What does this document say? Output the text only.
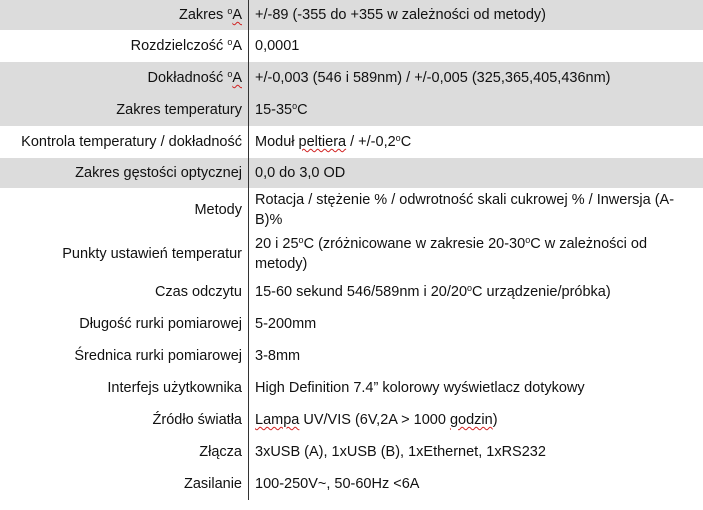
Zakres $^o$A	+/-89 (-355 do +355 w zależności od metody)
Rozdzielczość $^o$A	0,0001
Dokładność $^o$A	+/-0,003 (546 i 589nm) / +/-0,005 (325,365,405,436nm)
Zakres temperatury	15-35$^o$C
Kontrola temperatury / dokładność	Moduł peltiera / $+/-0,2^oC$
Zakres gęstości optycznej	0,0 do 3,0 OD
Metody	Rotacja / stężenie % / odwrotność skali cukrowej % / Inwersja (A-B)%
Punkty ustawień temperatur	20 i 25$^o$C (zróżnicowane w zakresie 20-30$^o$C w zależności od metody)
Czas odczytu	15-60 sekund 546/589nm i 20/20$^o$C urządzenie/próbka)
Długość rurki pomiarowej	5-200mm
Średnica rurki pomiarowej	3-8mm
Interfejs użytkownika	High Definition 7.4” kolorowy wyświetlacz dotykowy
Źródło światła	Lampa UV/VIS (6V,2A > 1000 godzin)
Złącza	3xUSB (A), 1xUSB (B), 1xEthernet, 1xRS232
Zasilanie	100-250V~, 50-60Hz <6A
